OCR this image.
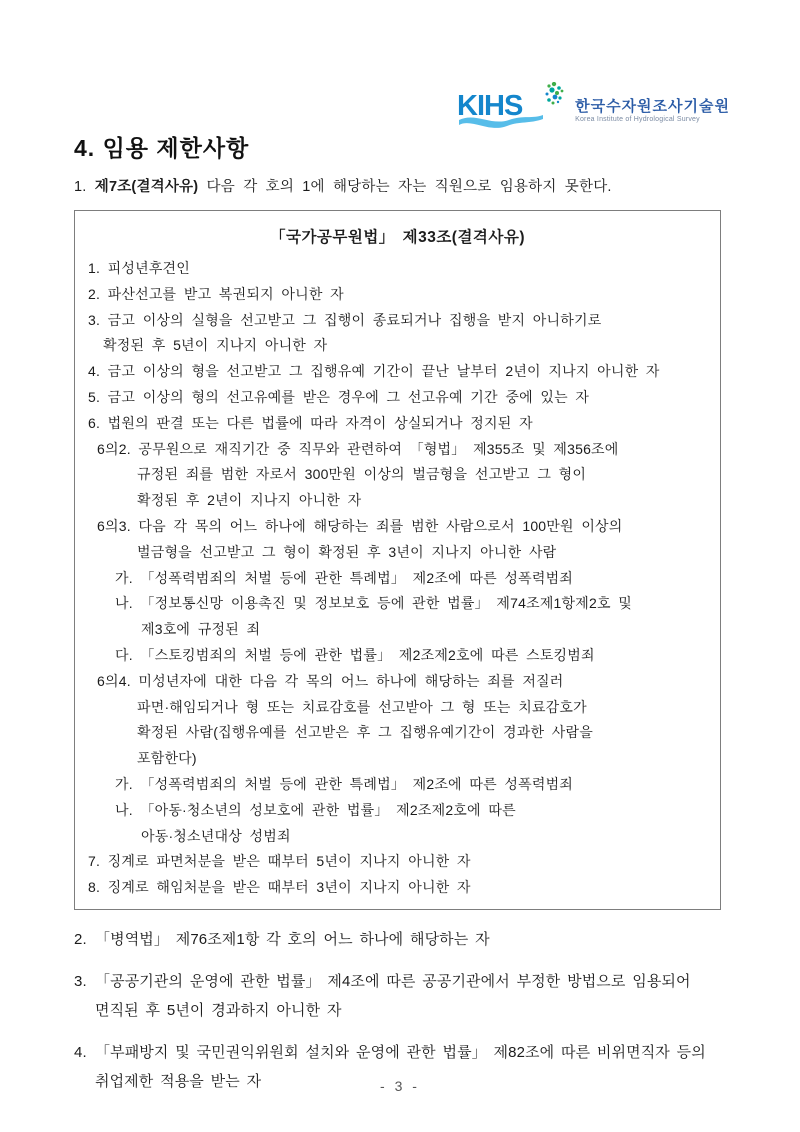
KIHS	한국수자원조사기술원
Korea Institute of Hydrological Survey
4. 임용 제한사항
1. 제7조(결격사유) 다음 각 호의 1에 해당하는 자는 직원으로 임용하지 못한다.
「국가공무원법」 제33조(결격사유)
1. 피성년후견인
2. 파산선고를 받고 복권되지 아니한 자
3. 금고 이상의 실형을 선고받고 그 집행이 종료되거나 집행을 받지 아니하기로
확정된 후 5년이 지나지 아니한 자
4. 금고 이상의 형을 선고받고 그 집행유예 기간이 끝난 날부터 2년이 지나지 아니한 자
5. 금고 이상의 형의 선고유예를 받은 경우에 그 선고유예 기간 중에 있는 자
6. 법원의 판결 또는 다른 법률에 따라 자격이 상실되거나 정지된 자
6의2. 공무원으로 재직기간 중 직무와 관련하여 「형법」 제355조 및 제356조에
규정된 죄를 범한 자로서 300만원 이상의 벌금형을 선고받고 그 형이
확정된 후 2년이 지나지 아니한 자
6의3. 다음 각 목의 어느 하나에 해당하는 죄를 범한 사람으로서 100만원 이상의
벌금형을 선고받고 그 형이 확정된 후 3년이 지나지 아니한 사람
가. 「성폭력범죄의 처벌 등에 관한 특례법」 제2조에 따른 성폭력범죄
나. 「정보통신망 이용촉진 및 정보보호 등에 관한 법률」 제74조제1항제2호 및
제3호에 규정된 죄
다. 「스토킹범죄의 처벌 등에 관한 법률」 제2조제2호에 따른 스토킹범죄
6의4. 미성년자에 대한 다음 각 목의 어느 하나에 해당하는 죄를 저질러
파면·해임되거나 형 또는 치료감호를 선고받아 그 형 또는 치료감호가
확정된 사람(집행유예를 선고받은 후 그 집행유예기간이 경과한 사람을
포함한다)
가. 「성폭력범죄의 처벌 등에 관한 특례법」 제2조에 따른 성폭력범죄
나. 「아동·청소년의 성보호에 관한 법률」 제2조제2호에 따른
아동·청소년대상 성범죄
7. 징계로 파면처분을 받은 때부터 5년이 지나지 아니한 자
8. 징계로 해임처분을 받은 때부터 3년이 지나지 아니한 자
2. 「병역법」 제76조제1항 각 호의 어느 하나에 해당하는 자
3. 「공공기관의 운영에 관한 법률」 제4조에 따른 공공기관에서 부정한 방법으로 임용되어
면직된 후 5년이 경과하지 아니한 자
4. 「부패방지 및 국민권익위원회 설치와 운영에 관한 법률」 제82조에 따른 비위면직자 등의
취업제한 적용을 받는 자	- 3 -
